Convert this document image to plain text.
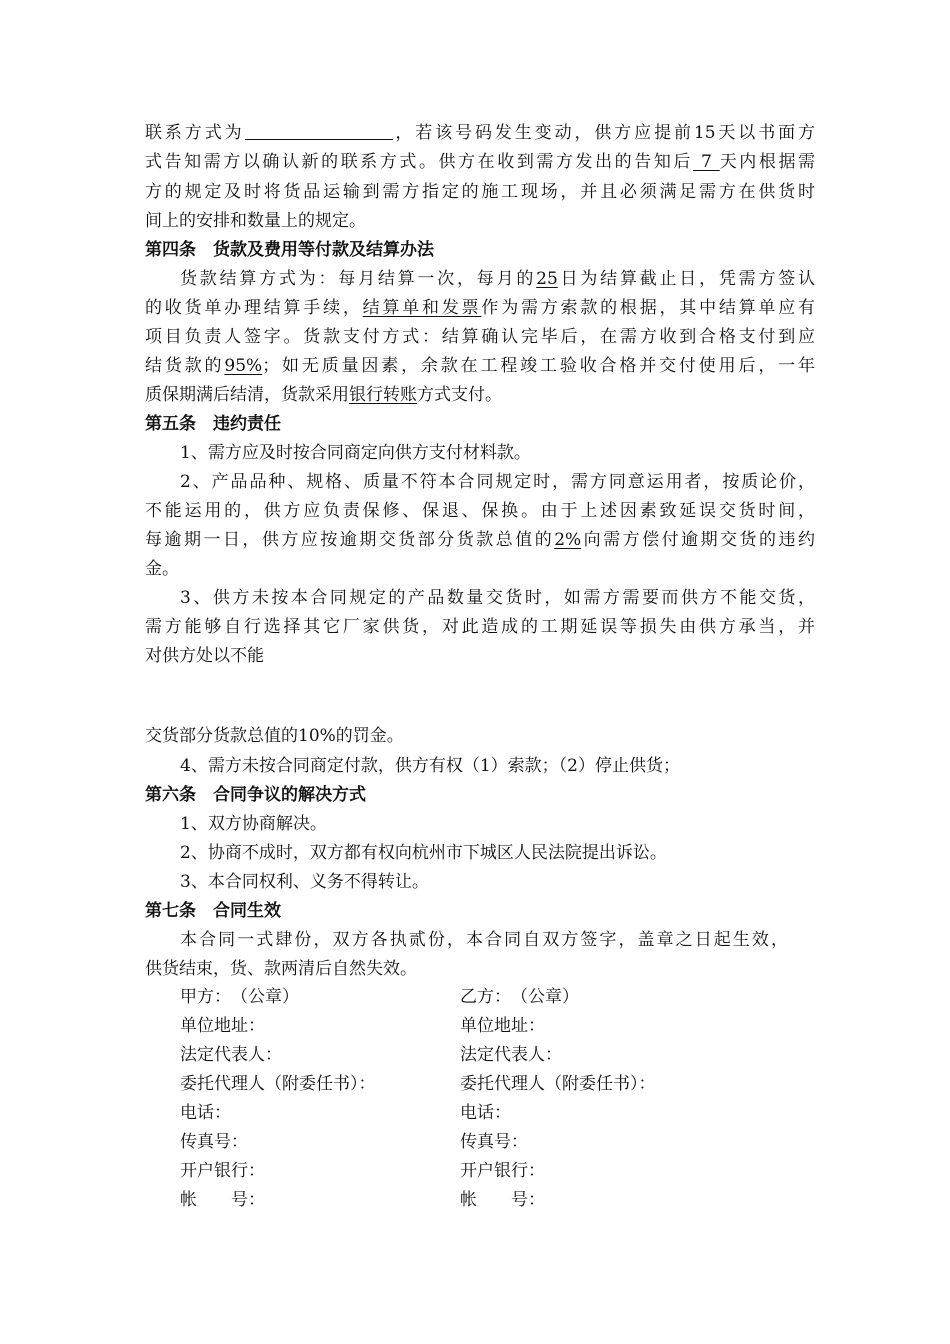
联系方式为	，若该号码发生变动，供方应提前15天以书面方
式告知需方以确认新的联系方式。供方在收到需方发出的告知后 7 天内根据需
方的规定及时将货品运输到需方指定的施工现场，并且必须满足需方在供货时
间上的安排和数量上的规定。
第四条　货款及费用等付款及结算办法
货款结算方式为：每月结算一次，每月的25日为结算截止日，凭需方签认
的收货单办理结算手续，结算单和发票作为需方索款的根据，其中结算单应有
项目负责人签字。货款支付方式：结算确认完毕后，在需方收到合格支付到应
结货款的95%；如无质量因素，余款在工程竣工验收合格并交付使用后，一年
质保期满后结清，货款采用银行转账方式支付。
第五条　违约责任
1、需方应及时按合同商定向供方支付材料款。
2、产品品种、规格、质量不符本合同规定时，需方同意运用者，按质论价，
不能运用的，供方应负责保修、保退、保换。由于上述因素致延误交货时间，
每逾期一日，供方应按逾期交货部分货款总值的2%向需方偿付逾期交货的违约
金。
3、供方未按本合同规定的产品数量交货时，如需方需要而供方不能交货，
需方能够自行选择其它厂家供货，对此造成的工期延误等损失由供方承当，并
对供方处以不能
交货部分货款总值的10%的罚金。
4、需方未按合同商定付款，供方有权（1）索款；（2）停止供货；
第六条　合同争议的解决方式
1、双方协商解决。
2、协商不成时，双方都有权向杭州市下城区人民法院提出诉讼。
3、本合同权利、义务不得转让。
第七条　合同生效
本合同一式肆份，双方各执贰份，本合同自双方签字，盖章之日起生效，
供货结束，货、款两清后自然失效。
甲方：　（公章）	乙方：　（公章）
单位地址：	单位地址：
法定代表人：	法定代表人：
委托代理人（附委任书）：	委托代理人（附委任书）：
电话：	电话：
传真号：	传真号：
开户银行：	开户银行：
帐　　号：	帐　　号：
